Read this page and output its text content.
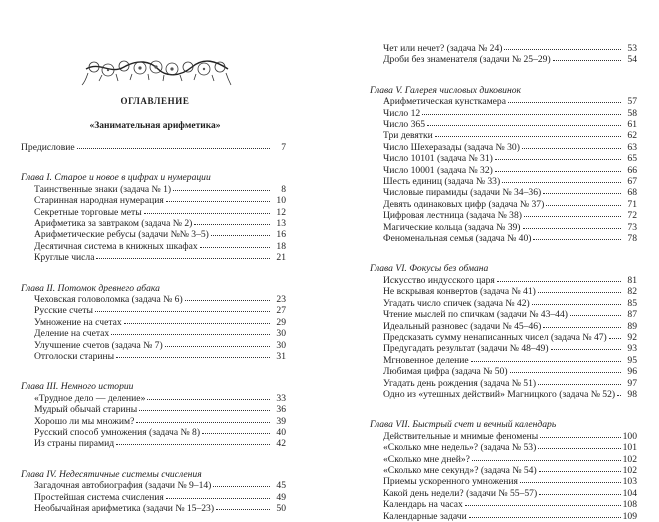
ОГЛАВЛЕНИЕ
«Занимательная арифметика»
Предисловие	7
Глава I. Старое и новое в цифрах и нумерации
Таинственные знаки (задача № 1)	8
Старинная народная нумерация	10
Секретные торговые меты	12
Арифметика за завтраком (задача № 2)	13
Арифметические ребусы (задачи №№ 3–5)	16
Десятичная система в книжных шкафах	18
Круглые числа	21
Глава II. Потомок древнего абака
Чеховская головоломка (задача № 6)	23
Русские счеты	27
Умножение на счетах	29
Деление на счетах	30
Улучшение счетов (задача № 7)	30
Отголоски старины	31
Глава III. Немного истории
«Трудное дело — деление»	33
Мудрый обычай старины	36
Хорошо ли мы множим?	39
Русский способ умножения (задача № 8)	40
Из страны пирамид	42
Глава IV. Недесятичные системы счисления
Загадочная автобиография (задачи № 9–14)	45
Простейшая система счисления	49
Необычайная арифметика (задачи № 15–23)	50
Чет или нечет? (задача № 24)	53
Дроби без знаменателя (задачи № 25–29)	54
Глава V. Галерея числовых диковинок
Арифметическая кунсткамера	57
Число 12	58
Число 365	61
Три девятки	62
Число Шехеразады (задача № 30)	63
Число 10101 (задача № 31)	65
Число 10001 (задача № 32)	66
Шесть единиц (задача № 33)	67
Числовые пирамиды (задачи № 34–36)	68
Девять одинаковых цифр (задача № 37)	71
Цифровая лестница (задача № 38)	72
Магические кольца (задача № 39)	73
Феноменальная семья (задача № 40)	78
Глава VI. Фокусы без обмана
Искусство индусского царя	81
Не вскрывая конвертов (задача № 41)	82
Угадать число спичек (задача № 42)	85
Чтение мыслей по спичкам (задачи № 43–44)	87
Идеальный разновес (задачи № 45–46)	89
Предсказать сумму ненаписанных чисел (задача № 47)	92
Предугадать результат (задачи № 48–49)	93
Мгновенное деление	95
Любимая цифра (задача № 50)	96
Угадать день рождения (задача № 51)	97
Одно из «утешных действий» Магницкого (задача № 52)	98
Глава VII. Быстрый счет и вечный календарь
Действительные и мнимые феномены	100
«Сколько мне недель»? (задача № 53)	101
«Сколько мне дней»?	102
«Сколько мне секунд»? (задача № 54)	102
Приемы ускоренного умножения	103
Какой день недели? (задачи № 55–57)	104
Календарь на часах	108
Календарные задачи	109
